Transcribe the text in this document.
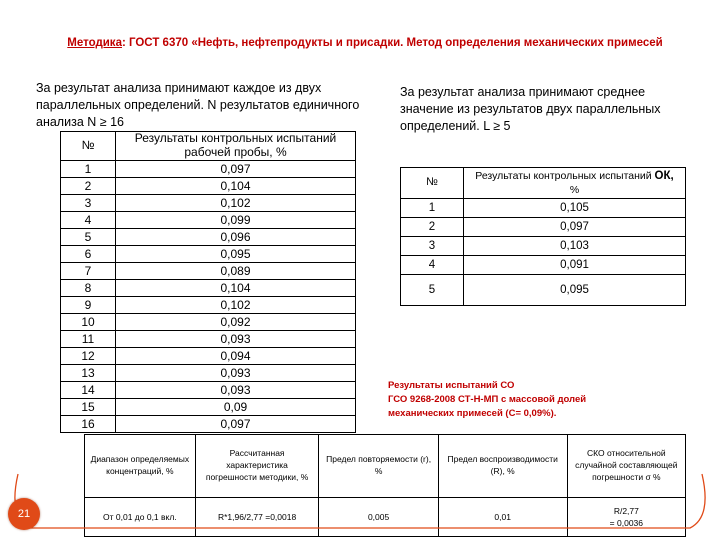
Методика: ГОСТ 6370 «Нефть, нефтепродукты и присадки. Метод определения механических примесей
За результат анализа принимают каждое из двух параллельных определений. N результатов единичного анализа N ≥ 16
За результат анализа принимают среднее значение из результатов двух параллельных определений. L ≥ 5
№	Результаты контрольных испытаний рабочей пробы, %
1	0,097
2	0,104
3	0,102
4	0,099
5	0,096
6	0,095
7	0,089
8	0,104
9	0,102
10	0,092
11	0,093
12	0,094
13	0,093
14	0,093
15	0,09
16	0,097
№	Результаты контрольных испытаний ОК,
%
1	0,105
2	0,097
3	0,103
4	0,091
5	0,095
Результаты испытаний СО
ГСО 9268-2008 СТ-Н-МП с массовой долей
механических примесей (С= 0,09%).
Диапазон определяемых концентраций, %	Рассчитанная характеристика погрешности методики, %	Предел повторяемости (r), %	Предел воспроизводимости (R), %	СКО относительной случайной составляющей погрешности σ %
От 0,01 до 0,1 вкл.	R*1,96/2,77 =0,0018	0,005	0,01	R/2,77
= 0,0036
21
